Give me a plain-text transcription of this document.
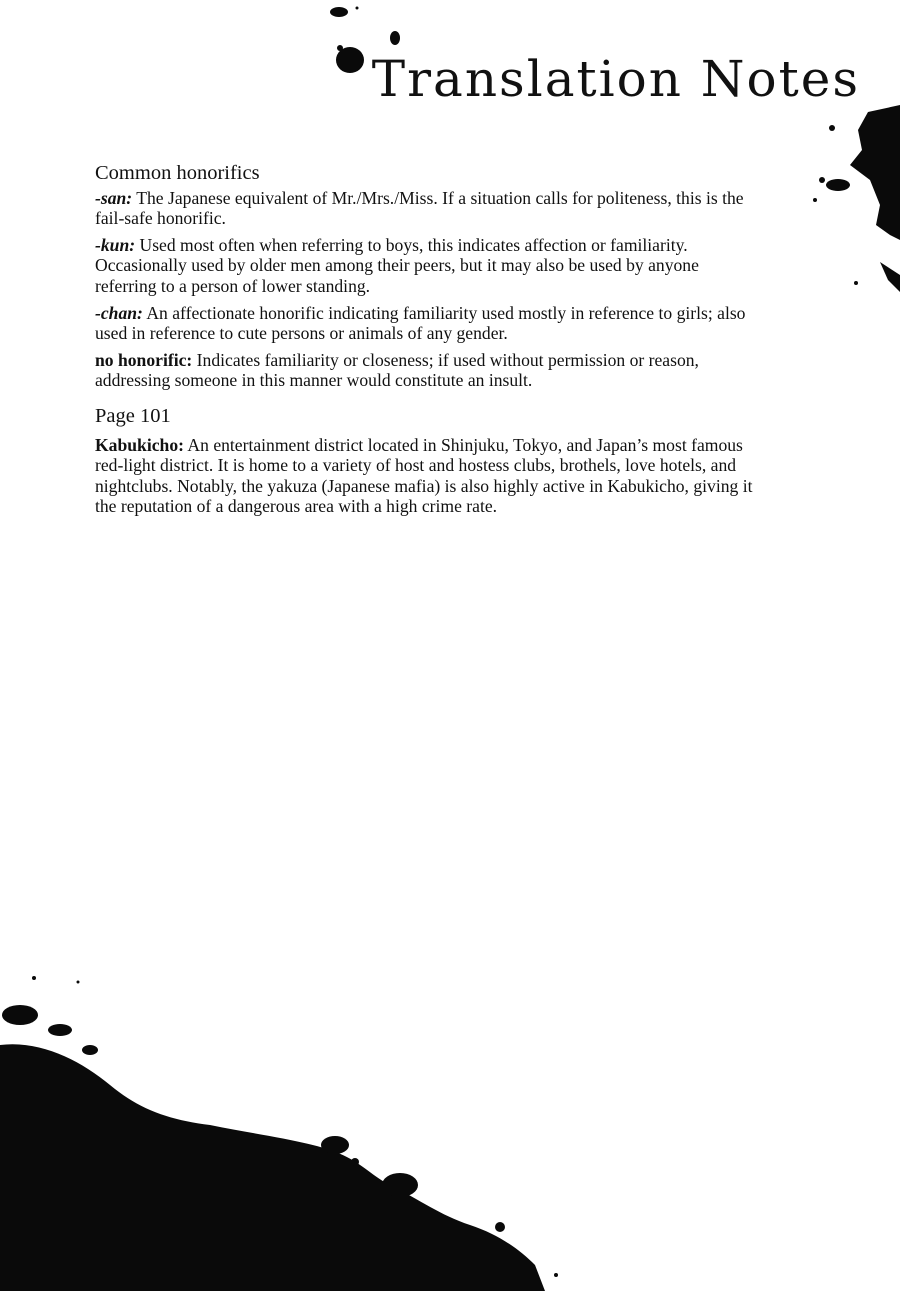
Translation Notes
Common honorifics

-san: The Japanese equivalent of Mr./Mrs./Miss. If a situation calls for politeness, this is the fail-safe honorific.

-kun: Used most often when referring to boys, this indicates affection or familiarity. Occasionally used by older men among their peers, but it may also be used by anyone referring to a person of lower standing.

-chan: An affectionate honorific indicating familiarity used mostly in reference to girls; also used in reference to cute persons or animals of any gender.

no honorific: Indicates familiarity or closeness; if used without permission or reason, addressing someone in this manner would constitute an insult.

Page 101

Kabukicho: An entertainment district located in Shinjuku, Tokyo, and Japan’s most famous red-light district. It is home to a variety of host and hostess clubs, brothels, love hotels, and nightclubs. Notably, the yakuza (Japanese mafia) is also highly active in Kabukicho, giving it the reputation of a dangerous area with a high crime rate.
